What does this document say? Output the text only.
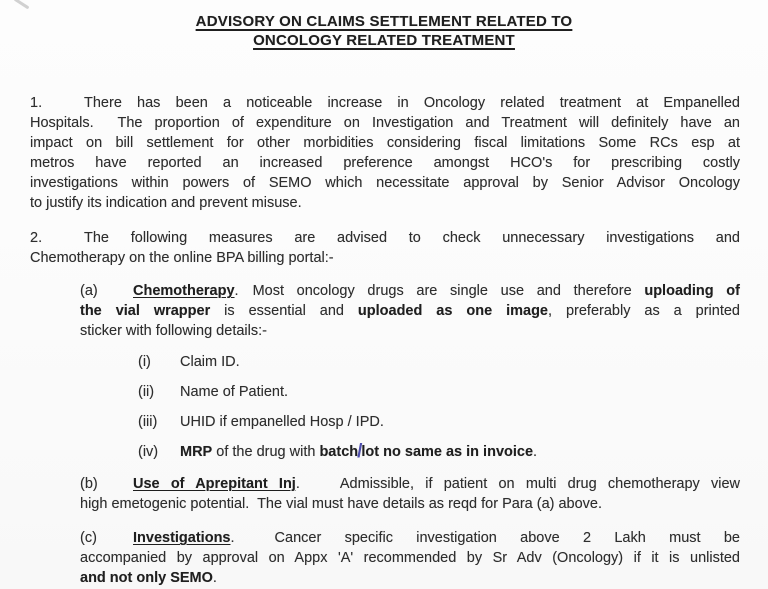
ADVISORY ON CLAIMS SETTLEMENT RELATED TO
ONCOLOGY RELATED TREATMENT
1.	There has been a noticeable increase in Oncology related treatment at Empanelled
Hospitals.  The proportion of expenditure on Investigation and Treatment will definitely have an
impact on bill settlement for other morbidities considering fiscal limitations Some RCs esp at
metros have reported an increased preference amongst HCO's for prescribing costly
investigations within powers of SEMO which necessitate approval by Senior Advisor Oncology
to justify its indication and prevent misuse.
2.	The following measures are advised to check unnecessary investigations and
Chemotherapy on the online BPA billing portal:-
(a) Chemotherapy. Most oncology drugs are single use and therefore uploading of
the vial wrapper is essential and uploaded as one image, preferably as a printed
sticker with following details:-
(i) Claim ID.
(ii) Name of Patient.
(iii) UHID if empanelled Hosp / IPD.
(iv) MRP of the drug with batch/lot no same as in invoice.
(b) Use of Aprepitant Inj.	Admissible, if patient on multi drug chemotherapy view
high emetogenic potential.  The vial must have details as reqd for Para (a) above.
(c) Investigations.	Cancer specific investigation above 2 Lakh must be
accompanied by approval on Appx 'A' recommended by Sr Adv (Oncology) if it is unlisted
and not only SEMO.
